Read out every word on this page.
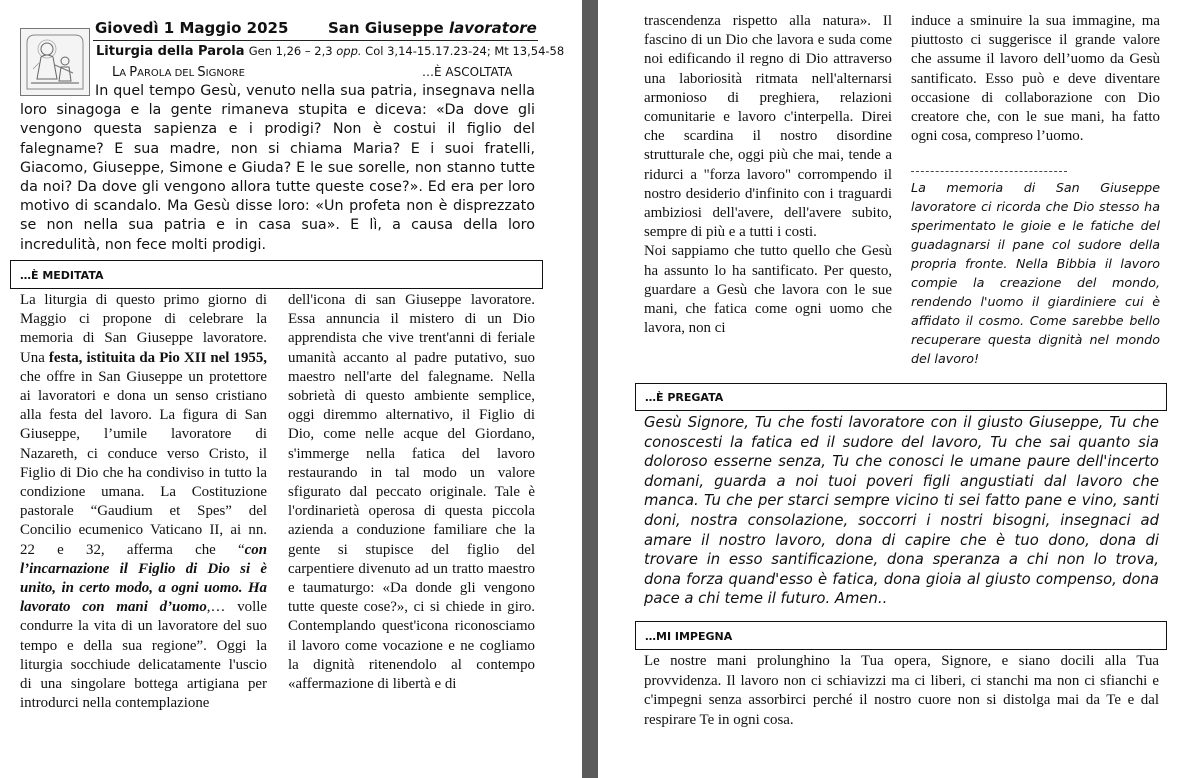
Giovedì 1 Maggio 2025	San Giuseppe lavoratore
Liturgia della Parola Gen 1,26 – 2,3 opp. Col 3,14-15.17.23-24; Mt 13,54-58
LA PAROLA DEL SIGNORE	…È ASCOLTATA
In quel tempo Gesù, venuto nella sua patria, insegnava nella loro sinagoga e la gente rimaneva stupita e diceva: «Da dove gli vengono questa sapienza e i prodigi? Non è costui il figlio del falegname? E sua madre, non si chiama Maria? E i suoi fratelli, Giacomo, Giuseppe, Simone e Giuda? E le sue sorelle, non stanno tutte da noi? Da dove gli vengono allora tutte queste cose?». Ed era per loro motivo di scandalo. Ma Gesù disse loro: «Un profeta non è disprezzato se non nella sua patria e in casa sua». E lì, a causa della loro incredulità, non fece molti prodigi.
…È MEDITATA
La liturgia di questo primo giorno di Maggio ci propone di celebrare la memoria di San Giuseppe lavoratore. Una festa, istituita da Pio XII nel 1955, che offre in San Giuseppe un protettore ai lavoratori e dona un senso cristiano alla festa del lavoro. La figura di San Giuseppe, l’umile lavoratore di Nazareth, ci conduce verso Cristo, il Figlio di Dio che ha condiviso in tutto la condizione umana. La Costituzione pastorale “Gaudium et Spes” del Concilio ecumenico Vaticano II, ai nn. 22 e 32, afferma che “con l’incarnazione il Figlio di Dio si è unito, in certo modo, a ogni uomo. Ha lavorato con mani d’uomo,… volle condurre la vita di un lavoratore del suo tempo e della sua regione”. Oggi la liturgia socchiude delicatamente l'uscio di una singolare bottega artigiana per introdurci nella contemplazione
dell'icona di san Giuseppe lavoratore. Essa annuncia il mistero di un Dio apprendista che vive trent'anni di feriale umanità accanto al padre putativo, suo maestro nell'arte del falegname. Nella sobrietà di questo ambiente semplice, oggi diremmo alternativo, il Figlio di Dio, come nelle acque del Giordano, s'immerge nella fatica del lavoro restaurando in tal modo un valore sfigurato dal peccato originale. Tale è l'ordinarietà operosa di questa piccola azienda a conduzione familiare che la gente si stupisce del figlio del carpentiere divenuto ad un tratto maestro e taumaturgo: «Da donde gli vengono tutte queste cose?», ci si chiede in giro. Contemplando quest'icona riconosciamo il lavoro come vocazione e ne cogliamo la dignità ritenendolo al contempo «affermazione di libertà e di
trascendenza rispetto alla natura». Il fascino di un Dio che lavora e suda come noi edificando il regno di Dio attraverso una laboriosità ritmata nell'alternarsi armonioso di preghiera, relazioni comunitarie e lavoro c'interpella. Direi che scardina il nostro disordine strutturale che, oggi più che mai, tende a ridurci a "forza lavoro" corrompendo il nostro desiderio d'infinito con i traguardi ambiziosi dell'avere, dell'avere subito, sempre di più e a tutti i costi.
Noi sappiamo che tutto quello che Gesù ha assunto lo ha santificato. Per questo, guardare a Gesù che lavora con le sue mani, che fatica come ogni uomo che lavora, non ci
induce a sminuire la sua immagine, ma piuttosto ci suggerisce il grande valore che assume il lavoro dell’uomo da Gesù santificato. Esso può e deve diventare occasione di collaborazione con Dio creatore che, con le sue mani, ha fatto ogni cosa, compreso l’uomo.
La memoria di San Giuseppe lavoratore ci ricorda che Dio stesso ha sperimentato le gioie e le fatiche del guadagnarsi il pane col sudore della propria fronte. Nella Bibbia il lavoro compie la creazione del mondo, rendendo l'uomo il giardiniere cui è affidato il cosmo. Come sarebbe bello recuperare questa dignità nel mondo del lavoro!
…È PREGATA
Gesù Signore, Tu che fosti lavoratore con il giusto Giuseppe, Tu che conoscesti la fatica ed il sudore del lavoro, Tu che sai quanto sia doloroso esserne senza, Tu che conosci le umane paure dell'incerto domani, guarda a noi tuoi poveri figli angustiati dal lavoro che manca. Tu che per starci sempre vicino ti sei fatto pane e vino, santi doni, nostra consolazione, soccorri i nostri bisogni, insegnaci ad amare il nostro lavoro, dona di capire che è tuo dono, dona di trovare in esso santificazione, dona speranza a chi non lo trova, dona forza quand'esso è fatica, dona gioia al giusto compenso, dona pace a chi teme il futuro. Amen..
…MI IMPEGNA
Le nostre mani prolunghino la Tua opera, Signore, e siano docili alla Tua provvidenza. Il lavoro non ci schiavizzi ma ci liberi, ci stanchi ma non ci sfianchi e c'impegni senza assorbirci perché il nostro cuore non si distolga mai da Te e dal respirare Te in ogni cosa.
